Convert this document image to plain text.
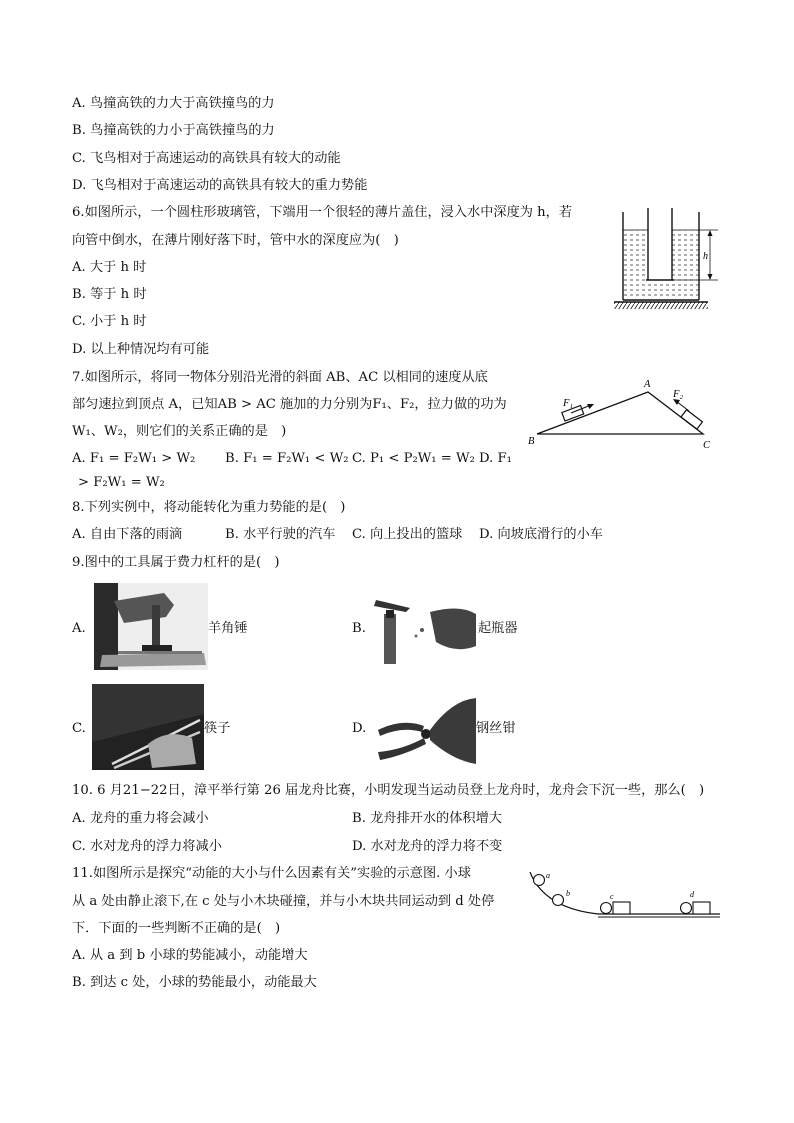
A. 鸟撞高铁的力大于高铁撞鸟的力
B. 鸟撞高铁的力小于高铁撞鸟的力
C. 飞鸟相对于高速运动的高铁具有较大的动能
D. 飞鸟相对于高速运动的高铁具有较大的重力势能
6.如图所示，一个圆柱形玻璃管，下端用一个很轻的薄片盖住，浸入水中深度为 h，若
向管中倒水，在薄片刚好落下时，管中水的深度应为(　)
A. 大于 h 时
B. 等于 h 时
C. 小于 h 时
D. 以上种情况均有可能
h
7.如图所示，将同一物体分别沿光滑的斜面 AB、AC 以相同的速度从底
部匀速拉到顶点 A，已知AB > AC 施加的力分别为F₁、F₂，拉力做的功为
W₁、W₂，则它们的关系正确的是　)
A. F₁ = F₂W₁ > W₂ B. F₁ = F₂W₁ < W₂ C. P₁ < P₂W₁ = W₂ D. F₁
> F₂W₁ = W₂
A
B	C
F₁
F₂
8.下列实例中，将动能转化为重力势能的是(　)
A. 自由下落的雨滴	B. 水平行驶的汽车 C. 向上投出的篮球 D. 向坡底滑行的小车
9.图中的工具属于费力杠杆的是(　)
A.	羊角锤	B.	起瓶器
C.	筷子	D.	钢丝钳
10. 6 月21−22日，漳平举行第 26 届龙舟比赛，小明发现当运动员登上龙舟时，龙舟会下沉一些，那么(　)
A. 龙舟的重力将会减小	B. 龙舟排开水的体积增大
C. 水对龙舟的浮力将减小	D. 水对龙舟的浮力将不变
11.如图所示是探究“动能的大小与什么因素有关”实验的示意图. 小球
从 a 处由静止滚下,在 c 处与小木块碰撞，并与小木块共同运动到 d 处停
下．下面的一些判断不正确的是(　)
A. 从 a 到 b 小球的势能减小，动能增大
B. 到达 c 处，小球的势能最小，动能最大
a
b	c	d
